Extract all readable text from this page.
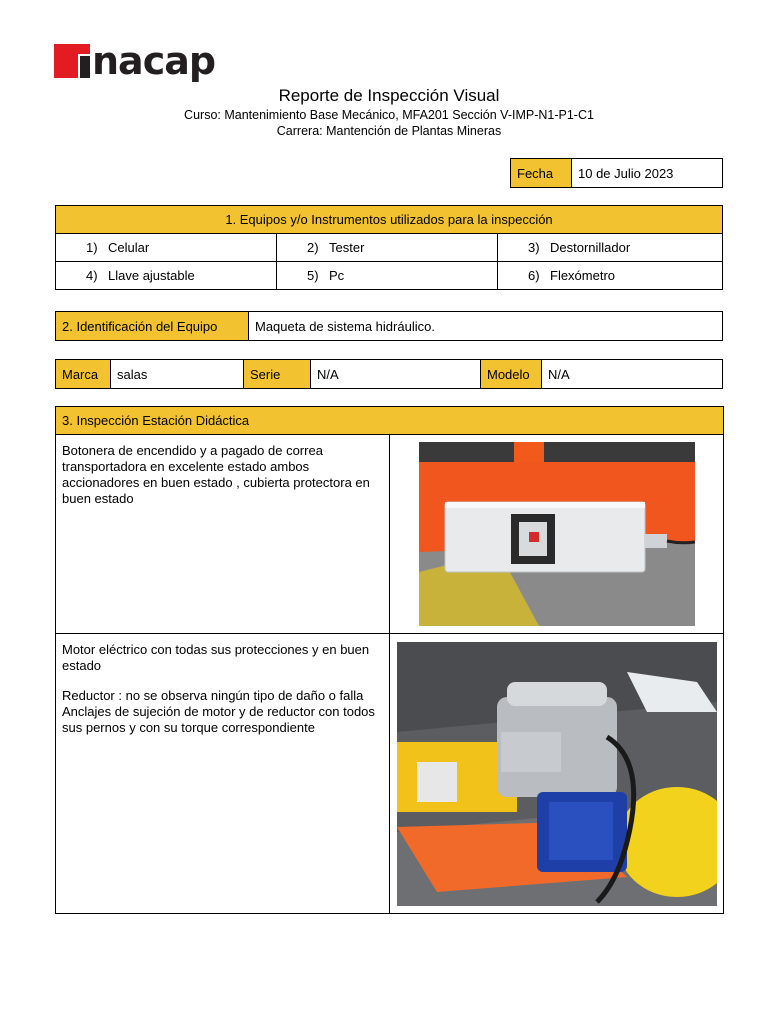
nacap
Reporte de Inspección Visual
Curso: Mantenimiento Base Mecánico, MFA201 Sección V-IMP-N1-P1-C1
Carrera: Mantención de Plantas Mineras
Fecha	10 de Julio 2023
1. Equipos y/o Instrumentos utilizados para la inspección		
1) Celular	2) Tester	3) Destornillador
4) Llave ajustable	5) Pc	6) Flexómetro
2. Identificación del Equipo	Maqueta de sistema hidráulico.
Marca	salas	Serie	N/A	Modelo	N/A
3. Inspección Estación Didáctica	

Botonera de encendido y a pagado de correa transportadora en excelente estado ambos accionadores en buen estado , cubierta protectora en buen estado

Motor eléctrico con todas sus protecciones y en buen estado

Reductor : no se observa ningún tipo de daño o falla

Anclajes de sujeción de motor y de reductor con todos sus pernos y con su torque correspondiente
